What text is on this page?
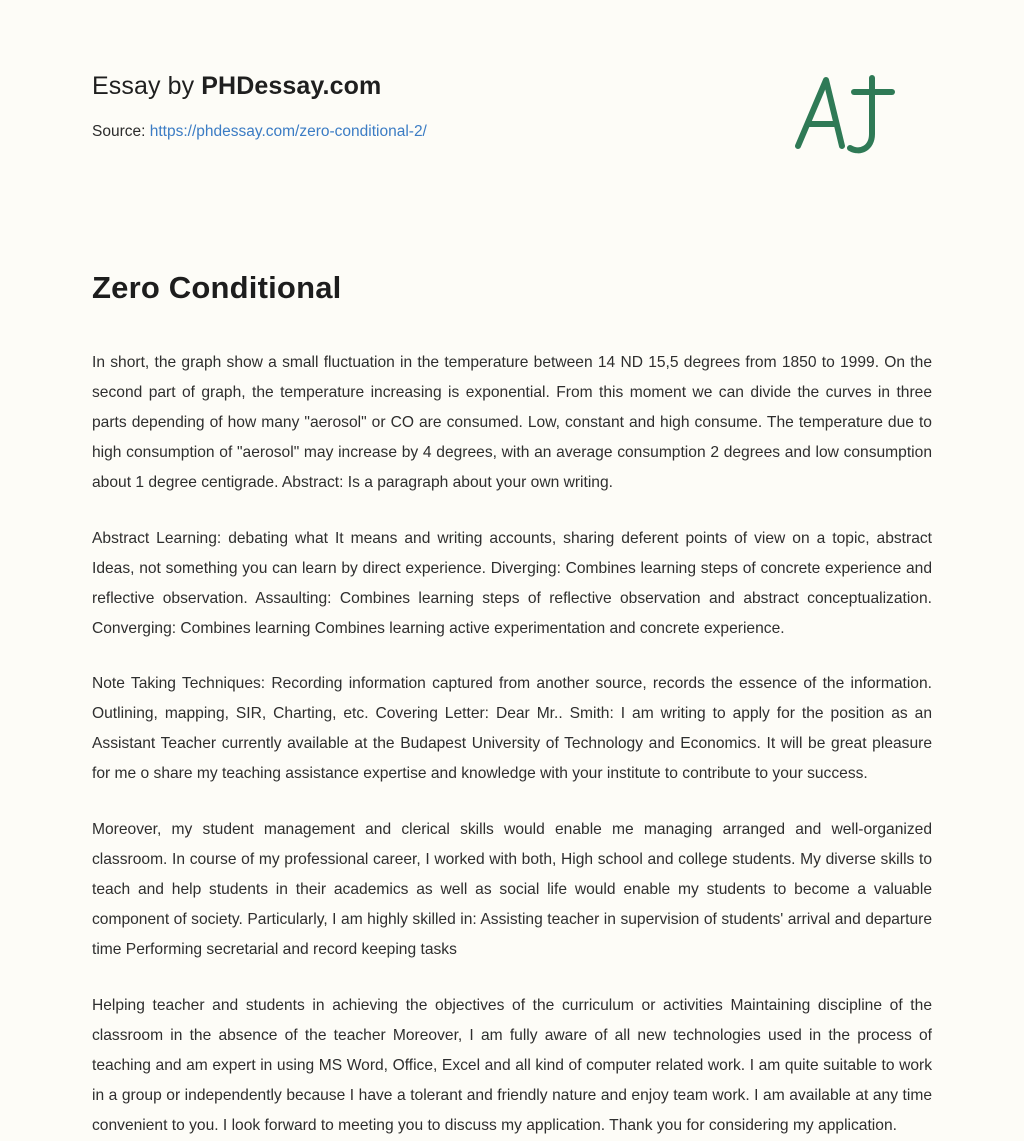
Essay by PHDessay.com

Source: https://phdessay.com/zero-conditional-2/
Zero Conditional

In short, the graph show a small fluctuation in the temperature between 14 ND 15,5 degrees from 1850 to 1999. On the second part of graph, the temperature increasing is exponential. From this moment we can divide the curves in three parts depending of how many "aerosol" or CO are consumed. Low, constant and high consume. The temperature due to high consumption of "aerosol" may increase by 4 degrees, with an average consumption 2 degrees and low consumption about 1 degree centigrade. Abstract: Is a paragraph about your own writing.

Abstract Learning: debating what It means and writing accounts, sharing deferent points of view on a topic, abstract Ideas, not something you can learn by direct experience. Diverging: Combines learning steps of concrete experience and reflective observation. Assaulting: Combines learning steps of reflective observation and abstract conceptualization. Converging: Combines learning Combines learning active experimentation and concrete experience.

Note Taking Techniques: Recording information captured from another source, records the essence of the information. Outlining, mapping, SIR, Charting, etc. Covering Letter: Dear Mr.. Smith: I am writing to apply for the position as an Assistant Teacher currently available at the Budapest University of Technology and Economics. It will be great pleasure for me o share my teaching assistance expertise and knowledge with your institute to contribute to your success.

Moreover, my student management and clerical skills would enable me managing arranged and well-organized classroom. In course of my professional career, I worked with both, High school and college students. My diverse skills to teach and help students in their academics as well as social life would enable my students to become a valuable component of society. Particularly, I am highly skilled in: Assisting teacher in supervision of students' arrival and departure time Performing secretarial and record keeping tasks

Helping teacher and students in achieving the objectives of the curriculum or activities Maintaining discipline of the classroom in the absence of the teacher Moreover, I am fully aware of all new technologies used in the process of teaching and am expert in using MS Word, Office, Excel and all kind of computer related work. I am quite suitable to work in a group or independently because I have a tolerant and friendly nature and enjoy team work. I am available at any time convenient to you. I look forward to meeting you to discuss my application. Thank you for considering my application.
